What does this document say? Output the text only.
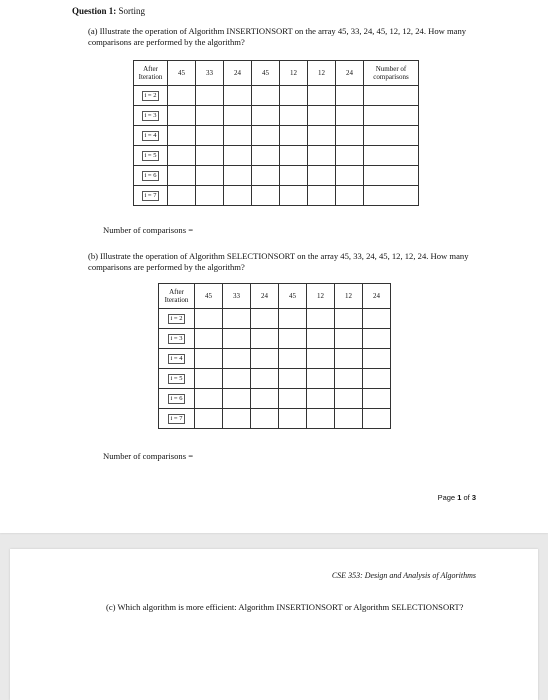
Question 1: Sorting
(a) Illustrate the operation of Algorithm INSERTIONSORT on the array 45, 33, 24, 45, 12, 12, 24. How many comparisons are performed by the algorithm?
After Iteration	45	33	24	45	12	12	24	Number of comparisons
i = 2								
i = 3								
i = 4								
i = 5								
i = 6								
i = 7								
Number of comparisons =
(b) Illustrate the operation of Algorithm SELECTIONSORT on the array 45, 33, 24, 45, 12, 12, 24. How many comparisons are performed by the algorithm?
After Iteration	45	33	24	45	12	12	24
i = 2							
i = 3							
i = 4							
i = 5							
i = 6							
i = 7							
Number of comparisons =
Page 1 of 3
CSE 353: Design and Analysis of Algorithms
(c) Which algorithm is more efficient: Algorithm INSERTIONSORT or Algorithm SELECTIONSORT?
